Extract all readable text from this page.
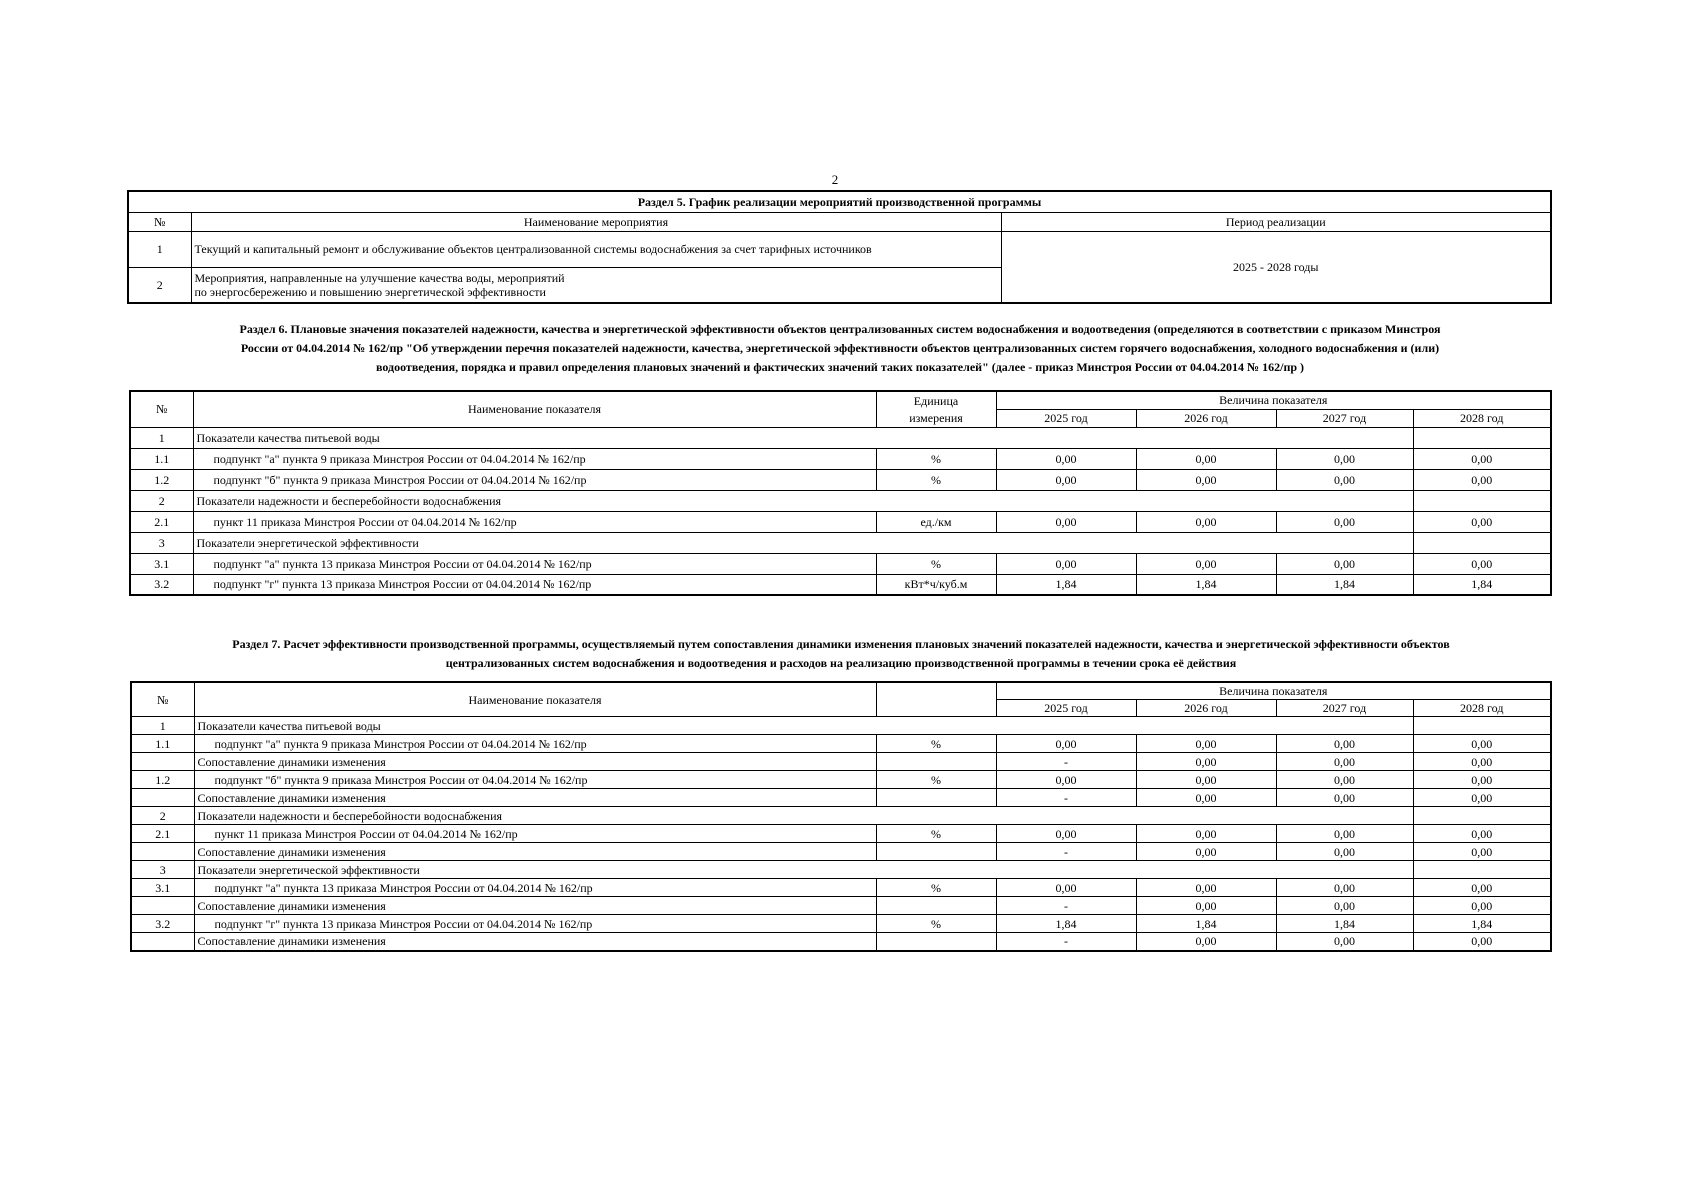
2
Раздел 5. График реализации мероприятий производственной программы		
№	Наименование мероприятия	Период реализации
1	Текущий и капитальный ремонт и обслуживание объектов централизованной системы водоснабжения за счет тарифных источников	2025 - 2028 годы
2	Мероприятия, направленные на улучшение качества воды, мероприятий
по энергосбережению и повышению энергетической эффективности	
Раздел 6. Плановые значения показателей надежности, качества и энергетической эффективности объектов централизованных систем водоснабжения и водоотведения (определяются в соответствии с приказом Минстроя
России от 04.04.2014 № 162/пр "Об утверждении перечня показателей надежности, качества, энергетической эффективности объектов централизованных систем горячего водоснабжения, холодного водоснабжения и (или)
водоотведения, порядка и правил определения плановых значений и фактических значений таких показателей" (далее - приказ Минстроя России от 04.04.2014 № 162/пр )
№	Наименование показателя	Единица	Величина показателя			
		измерения	2025 год	2026 год	2027 год	2028 год
1	Показатели качества питьевой воды					
1.1	подпункт "а" пункта 9 приказа Минстроя России от 04.04.2014 № 162/пр	%	0,00	0,00	0,00	0,00
1.2	подпункт "б" пункта 9 приказа Минстроя России от 04.04.2014 № 162/пр	%	0,00	0,00	0,00	0,00
2	Показатели надежности и бесперебойности водоснабжения					
2.1	пункт 11 приказа Минстроя России от 04.04.2014 № 162/пр	ед./км	0,00	0,00	0,00	0,00
3	Показатели энергетической эффективности					
3.1	подпункт "а" пункта 13 приказа Минстроя России от 04.04.2014 № 162/пр	%	0,00	0,00	0,00	0,00
3.2	подпункт "г" пункта 13 приказа Минстроя России от 04.04.2014 № 162/пр	кВт*ч/куб.м	1,84	1,84	1,84	1,84
Раздел 7. Расчет эффективности производственной программы, осуществляемый путем сопоставления динамики изменения плановых значений показателей надежности, качества и энергетической эффективности объектов
централизованных систем водоснабжения и водоотведения и расходов на реализацию производственной программы в течении срока её действия
№	Наименование показателя		Величина показателя			
			2025 год	2026 год	2027 год	2028 год
1	Показатели качества питьевой воды					
1.1	подпункт "а" пункта 9 приказа Минстроя России от 04.04.2014 № 162/пр	%	0,00	0,00	0,00	0,00
	Сопоставление динамики изменения		-	0,00	0,00	0,00
1.2	подпункт "б" пункта 9 приказа Минстроя России от 04.04.2014 № 162/пр	%	0,00	0,00	0,00	0,00
	Сопоставление динамики изменения		-	0,00	0,00	0,00
2	Показатели надежности и бесперебойности водоснабжения					
2.1	пункт 11 приказа Минстроя России от 04.04.2014 № 162/пр	%	0,00	0,00	0,00	0,00
	Сопоставление динамики изменения		-	0,00	0,00	0,00
3	Показатели энергетической эффективности					
3.1	подпункт "а" пункта 13 приказа Минстроя России от 04.04.2014 № 162/пр	%	0,00	0,00	0,00	0,00
	Сопоставление динамики изменения		-	0,00	0,00	0,00
3.2	подпункт "г" пункта 13 приказа Минстроя России от 04.04.2014 № 162/пр	%	1,84	1,84	1,84	1,84
	Сопоставление динамики изменения		-	0,00	0,00	0,00
